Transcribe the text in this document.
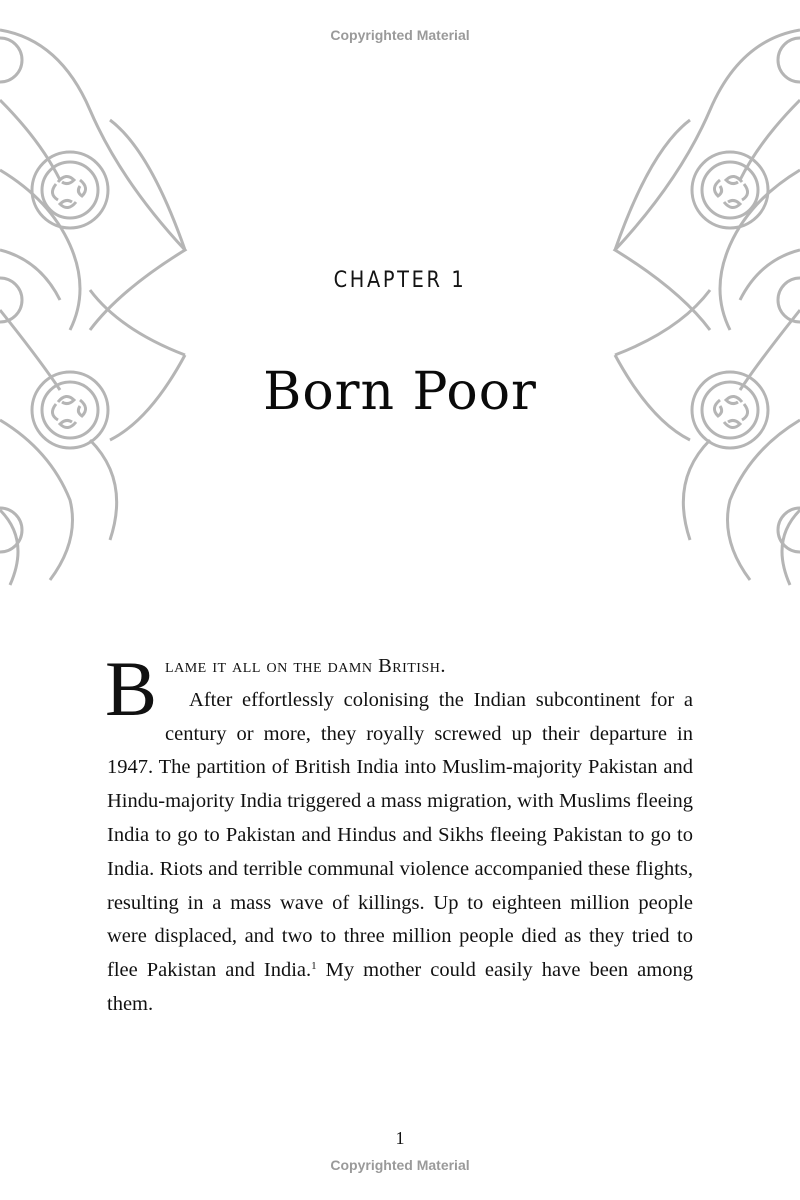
Copyrighted Material
CHAPTER 1
Born Poor
B lame it all on the damn British.

After effortlessly colonising the Indian subcontinent for a century or more, they royally screwed up their departure in 1947. The partition of British India into Muslim-majority Pakistan and Hindu-majority India triggered a mass migration, with Muslims fleeing India to go to Pakistan and Hindus and Sikhs fleeing Pakistan to go to India. Riots and terrible communal violence accompanied these flights, resulting in a mass wave of killings. Up to eighteen million people were displaced, and two to three million people died as they tried to flee Pakistan and India.$^1$ My mother could easily have been among them.

1
Copyrighted Material
